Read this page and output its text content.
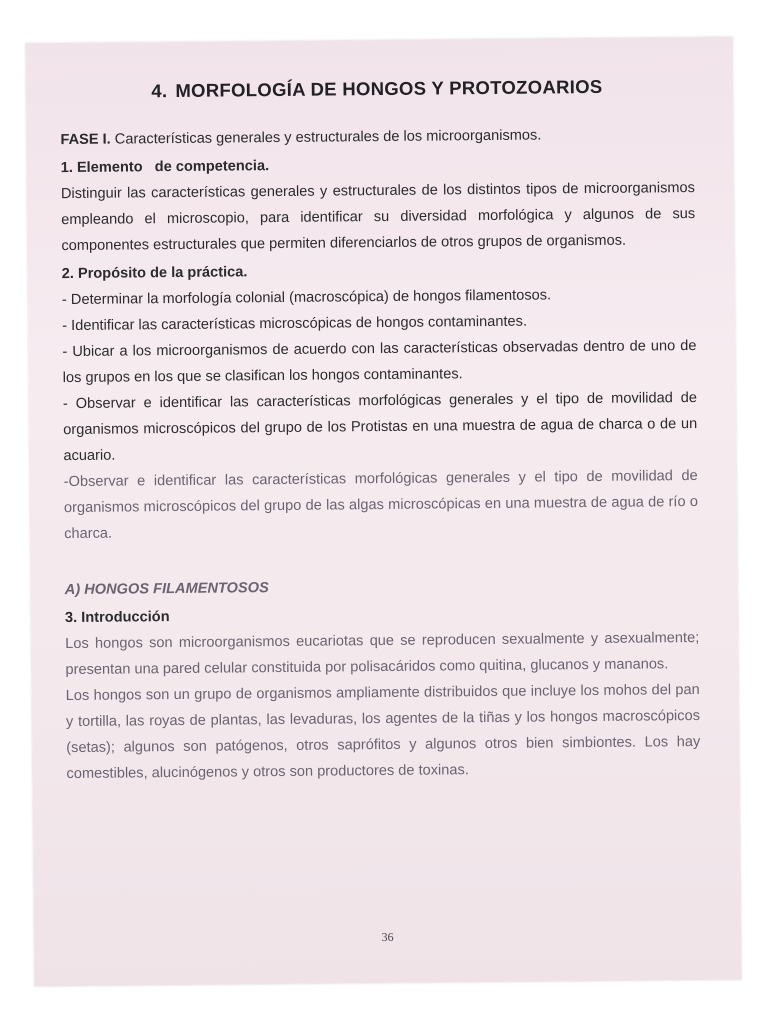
4. MORFOLOGÍA DE HONGOS Y PROTOZOARIOS

FASE I. Características generales y estructurales de los microorganismos.

1. Elemento   de competencia.

Distinguir las características generales y estructurales de los distintos tipos de microorganismos empleando el microscopio, para identificar su diversidad morfológica y algunos de sus componentes estructurales que permiten diferenciarlos de otros grupos de organismos.

2. Propósito de la práctica.

- Determinar la morfología colonial (macroscópica) de hongos filamentosos.

- Identificar las características microscópicas de hongos contaminantes.

- Ubicar a los microorganismos de acuerdo con las características observadas dentro de uno de los grupos en los que se clasifican los hongos contaminantes.

- Observar e identificar las características morfológicas generales y el tipo de movilidad de organismos microscópicos del grupo de los Protistas en una muestra de agua de charca o de un acuario.

-Observar e identificar las características morfológicas generales y el tipo de movilidad de organismos microscópicos del grupo de las algas microscópicas en una muestra de agua de río o charca.

A) HONGOS FILAMENTOSOS

3. Introducción

Los hongos son microorganismos eucariotas que se reproducen sexualmente y asexualmente; presentan una pared celular constituida por polisacáridos como quitina, glucanos y mananos.

Los hongos son un grupo de organismos ampliamente distribuidos que incluye los mohos del pan y tortilla, las royas de plantas, las levaduras, los agentes de la tiñas y los hongos macroscópicos (setas); algunos son patógenos, otros saprófitos y algunos otros bien simbiontes. Los hay comestibles, alucinógenos y otros son productores de toxinas.

36
